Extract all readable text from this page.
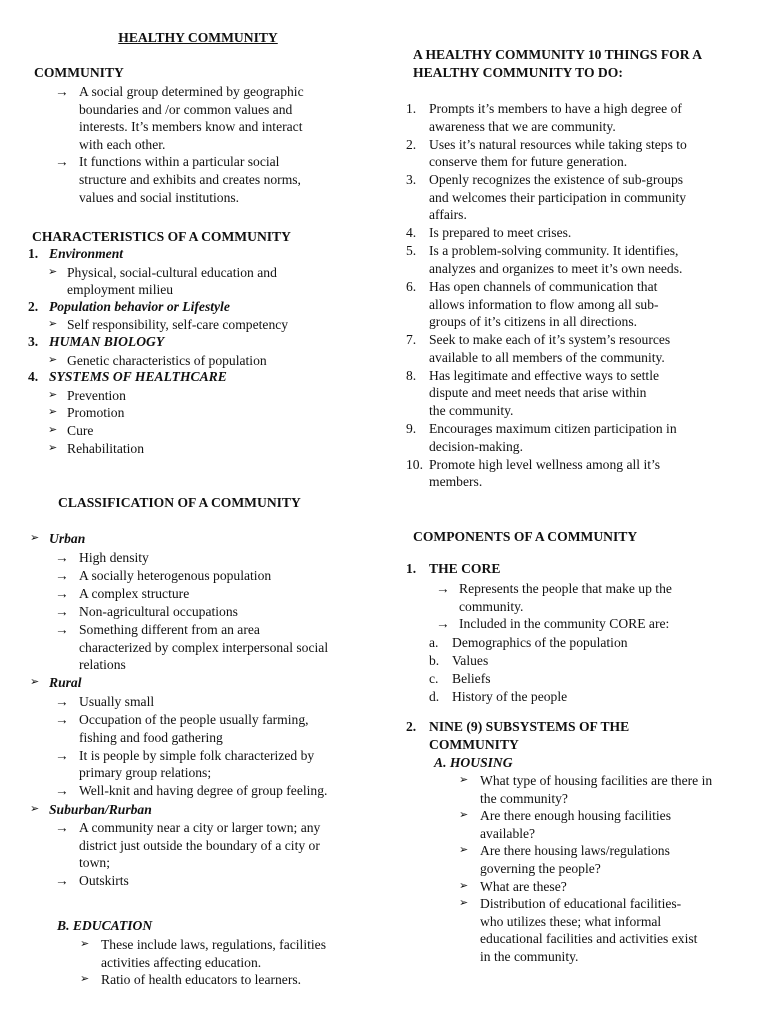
HEALTHY COMMUNITY
COMMUNITY
→ A social group determined by geographic
boundaries and /or common values and
interests. It’s members know and interact
with each other.
→ It functions within a particular social
structure and exhibits and creates norms,
values and social institutions.
CHARACTERISTICS OF A COMMUNITY
1. Environment
➢ Physical, social-cultural education and
employment milieu
2. Population behavior or Lifestyle
➢ Self responsibility, self-care competency
3. HUMAN BIOLOGY
➢ Genetic characteristics of population
4. SYSTEMS OF HEALTHCARE
➢ Prevention
➢ Promotion
➢ Cure
➢ Rehabilitation
CLASSIFICATION OF A COMMUNITY
➢ Urban
→ High density
→ A socially heterogenous population
→ A complex structure
→ Non-agricultural occupations
→ Something different from an area
characterized by complex interpersonal social
relations
➢ Rural
→ Usually small
→ Occupation of the people usually farming,
fishing and food gathering
→ It is people by simple folk characterized by
primary group relations;
→ Well-knit and having degree of group feeling.
➢ Suburban/Rurban
→ A community near a city or larger town; any
district just outside the boundary of a city or
town;
→ Outskirts
B. EDUCATION
➢ These include laws, regulations, facilities
activities affecting education.
➢ Ratio of health educators to learners.
A HEALTHY COMMUNITY 10 THINGS FOR A
HEALTHY COMMUNITY TO DO:
1. Prompts it’s members to have a high degree of
awareness that we are community.
2. Uses it’s natural resources while taking steps to
conserve them for future generation.
3. Openly recognizes the existence of sub-groups
and welcomes their participation in community
affairs.
4. Is prepared to meet crises.
5. Is a problem-solving community. It identifies,
analyzes and organizes to meet it’s own needs.
6. Has open channels of communication that
allows information to flow among all sub-
groups of it’s citizens in all directions.
7. Seek to make each of it’s system’s resources
available to all members of the community.
8. Has legitimate and effective ways to settle
dispute and meet needs that arise within
the community.
9. Encourages maximum citizen participation in
decision-making.
10. Promote high level wellness among all it’s
members.
COMPONENTS OF A COMMUNITY
1. THE CORE
→ Represents the people that make up the
community.
→ Included in the community CORE are:
a. Demographics of the population
b. Values
c. Beliefs
d. History of the people
2. NINE (9) SUBSYSTEMS OF THE
COMMUNITY
A. HOUSING
➢ What type of housing facilities are there in
the community?
➢ Are there enough housing facilities
available?
➢ Are there housing laws/regulations
governing the people?
➢ What are these?
➢ Distribution of educational facilities-
who utilizes these; what informal
educational facilities and activities exist
in the community.
